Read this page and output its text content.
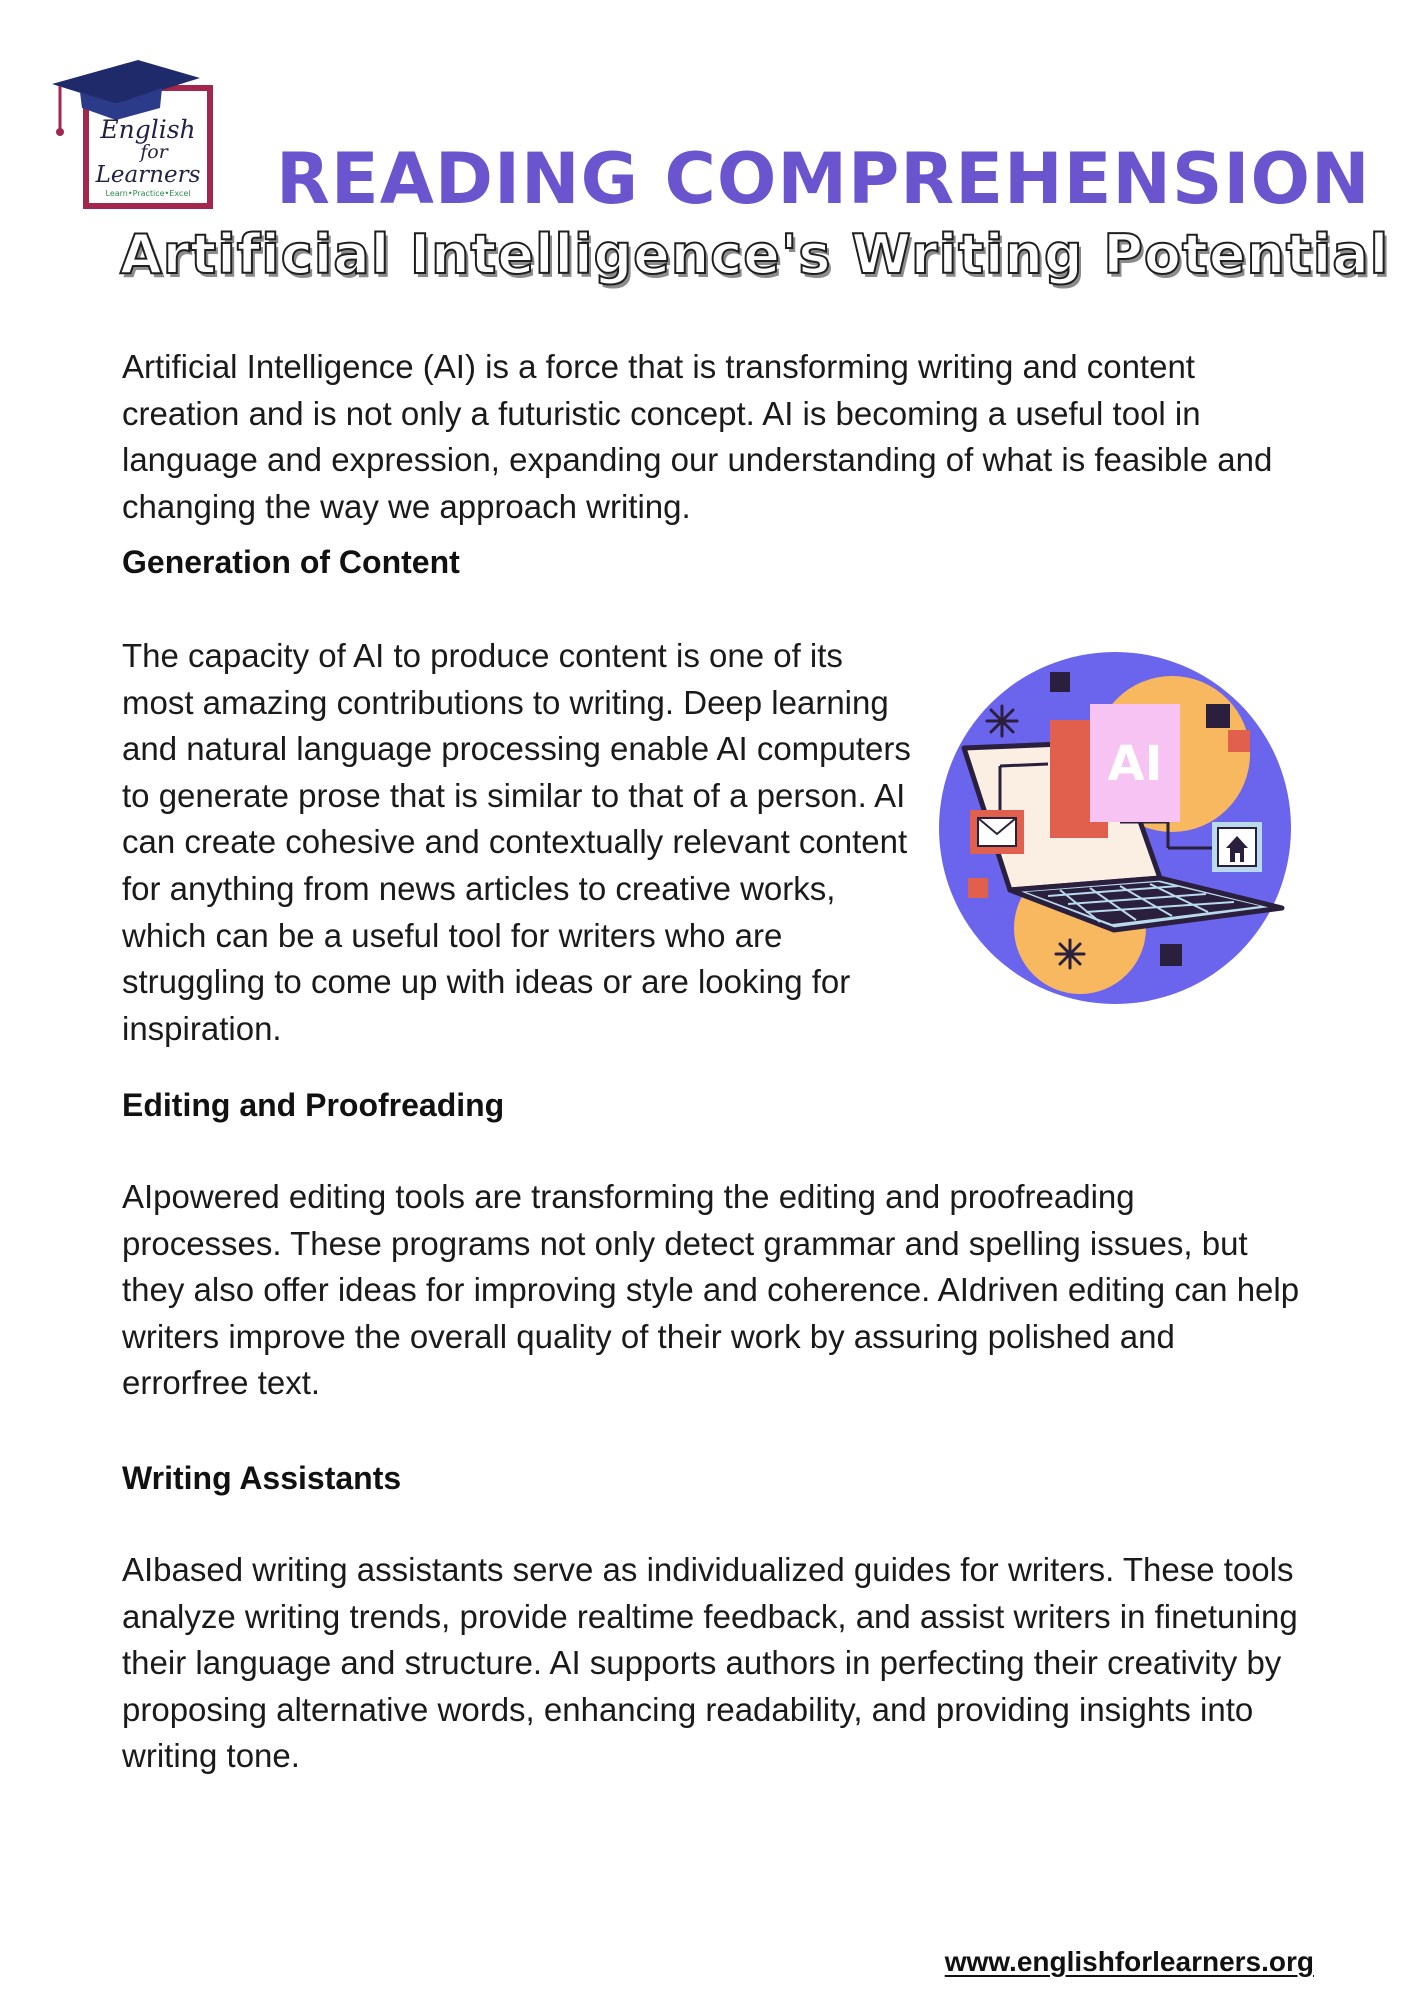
English
for
Learners
Learn•Practice•Excel READING COMPREHENSION
Artificial Intelligence's Writing Potential

Artificial Intelligence (AI) is a force that is transforming writing and content creation and is not only a futuristic concept. AI is becoming a useful tool in language and expression, expanding our understanding of what is feasible and changing the way we approach writing.

Generation of Content

The capacity of AI to produce content is one of its most amazing contributions to writing. Deep learning and natural language processing enable AI computers to generate prose that is similar to that of a person. AI can create cohesive and contextually relevant content for anything from news articles to creative works, which can be a useful tool for writers who are struggling to come up with ideas or are looking for inspiration.

AI
Editing and Proofreading

AIpowered editing tools are transforming the editing and proofreading processes. These programs not only detect grammar and spelling issues, but they also offer ideas for improving style and coherence. AIdriven editing can help writers improve the overall quality of their work by assuring polished and errorfree text.

Writing Assistants

AIbased writing assistants serve as individualized guides for writers. These tools analyze writing trends, provide realtime feedback, and assist writers in finetuning their language and structure. AI supports authors in perfecting their creativity by proposing alternative words, enhancing readability, and providing insights into writing tone.

www.englishforlearners.org
